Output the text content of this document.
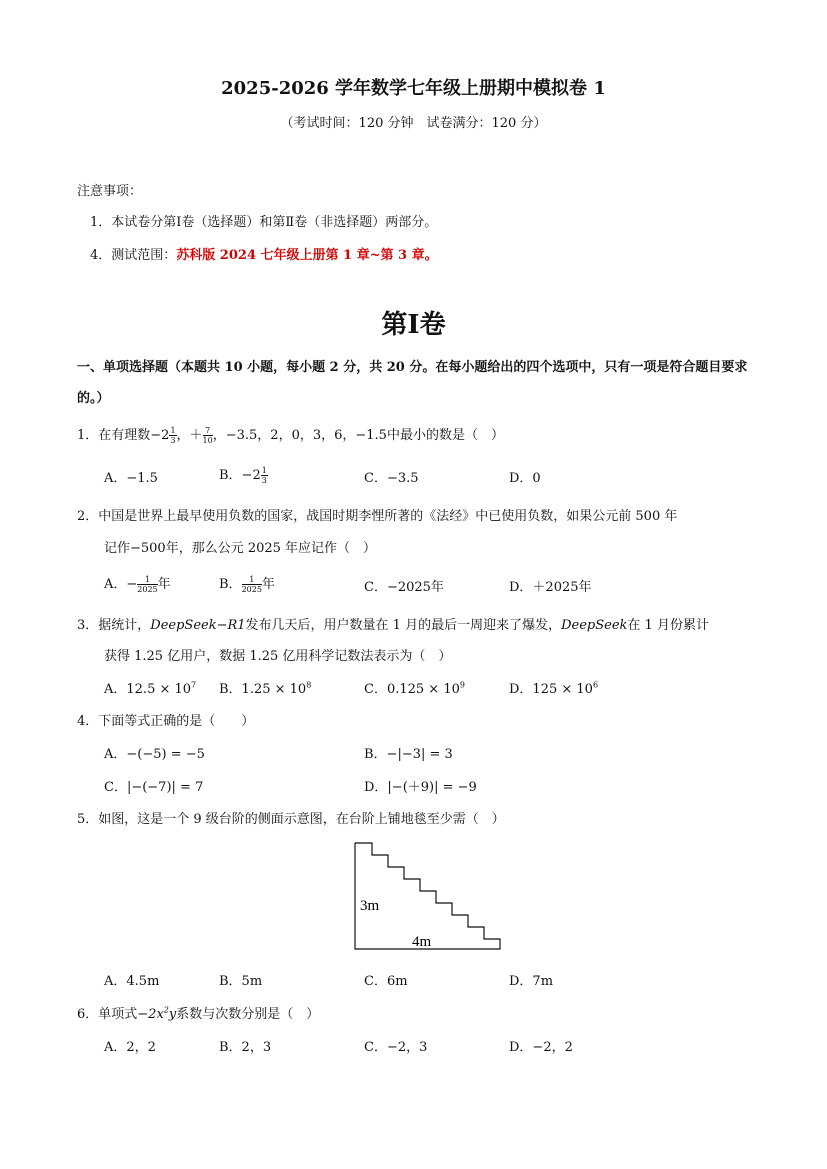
2025-2026 学年数学七年级上册期中模拟卷 1
（考试时间：120 分钟　试卷满分：120 分）
注意事项：
1．本试卷分第Ⅰ卷（选择题）和第Ⅱ卷（非选择题）两部分。
4．测试范围：苏科版 2024 七年级上册第 1 章~第 3 章。
第Ⅰ卷
一、单项选择题（本题共 10 小题，每小题 2 分，共 20 分。在每小题给出的四个选项中，只有一项是符合题目要求的。）
1．在有理数$-2 \frac{1}{3}$ ，＋ $\frac{7}{10}$ ，−3.5，2，0，3，6，−1.5中最小的数是（　）
A．−1.5	B．$-2 \frac{1}{3}$	C．−3.5	D．0
2．中国是世界上最早使用负数的国家，战国时期李悝所著的《法经》中已使用负数，如果公元前 500 年
记作−500年，那么公元 2025 年应记作（　）
A．− $\frac{1}{2025}$ 年	B． $\frac{1}{2025}$ 年	C．−2025年	D．＋2025年
3．据统计，DeepSeek−R1发布几天后，用户数量在 1 月的最后一周迎来了爆发，DeepSeek在 1 月份累计
获得 1.25 亿用户，数据 1.25 亿用科学记数法表示为（　）
A．$12.5 \times 10^7$ B．$1.25 \times 10^8$	C．$0.125 \times 10^9$	D．$125 \times 10^6$
4．下面等式正确的是（　　）
A．−(−5) = −5	B．−|−3| = 3
C．|−(−7)| = 7	D．|−(＋9)| = −9
5．如图，这是一个 9 级台阶的侧面示意图，在台阶上铺地毯至少需（　）
3m
4m
A．4.5m	B．5m	C．6m	D．7m
6．单项式$-2x^2y$系数与次数分别是（　）
A．2，2	B．2，3	C．−2，3	D．−2，2
